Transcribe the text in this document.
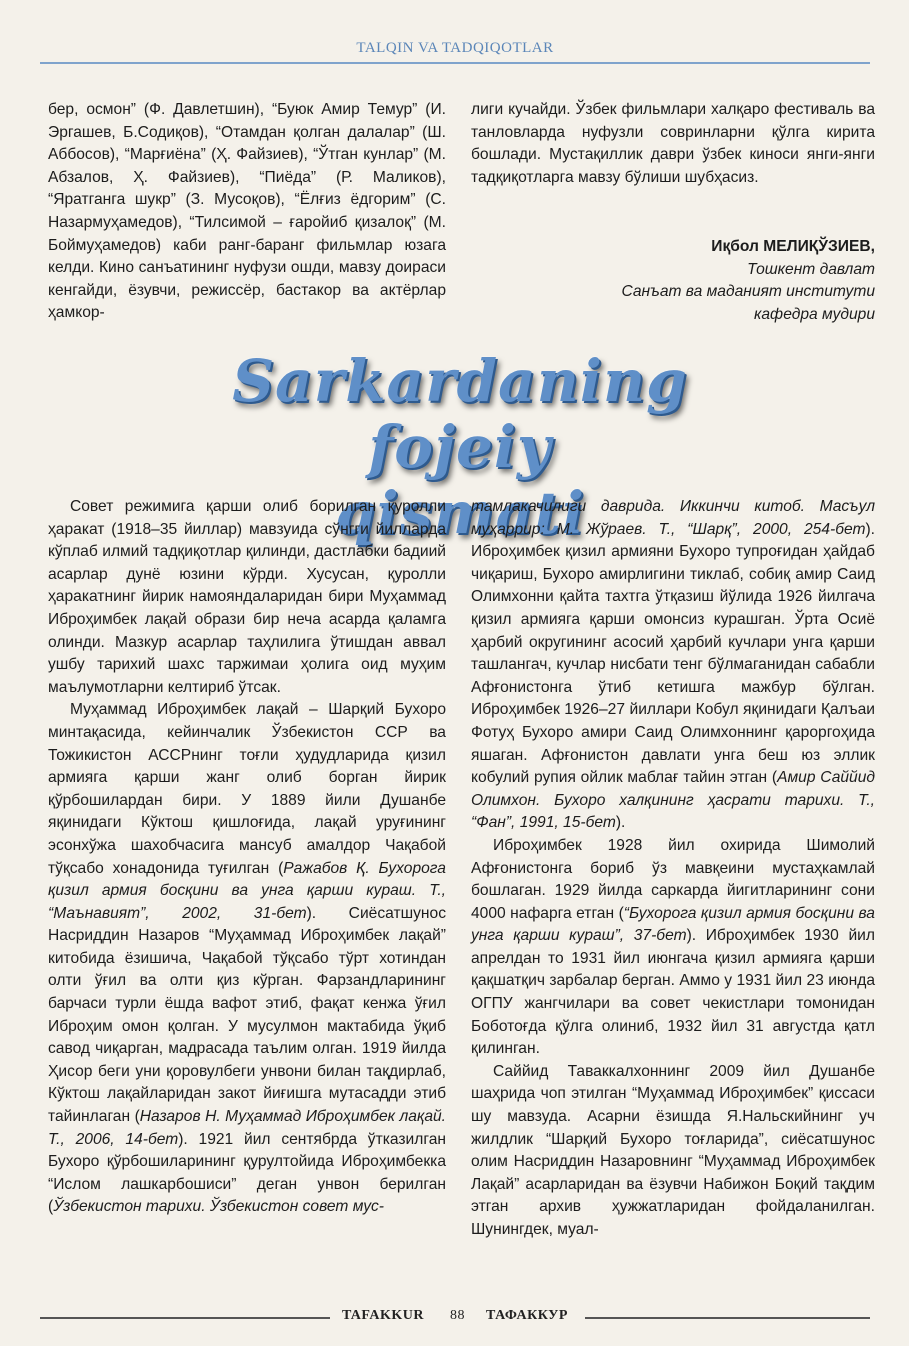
TALQIN VA TADQIQOTLAR

бер, осмон” (Ф. Давлетшин), “Буюк Амир Темур” (И. Эргашев, Б.Содиқов), “Отамдан қолган далалар” (Ш. Аббосов), “Марғиёна” (Ҳ. Файзиев), “Ўтган кунлар” (М. Абзалов, Ҳ. Файзиев), “Пиёда” (Р. Маликов), “Яратганга шукр” (З. Мусоқов), “Ёлғиз ёдгорим” (С. Назармуҳамедов), “Тилсимой – ғаройиб қизалоқ” (М. Боймуҳамедов) каби ранг-баранг фильмлар юзага келди. Кино санъатининг нуфузи ошди, мавзу доираси кенгайди, ёзувчи, режиссёр, бастакор ва актёрлар ҳамкор-

лиги кучайди. Ўзбек фильмлари халқаро фестиваль ва танловларда нуфузли совринларни қўлга кирита бошлади. Мустақиллик даври ўзбек киноси янги-янги тадқиқотларга мавзу бўлиши шубҳасиз.

Иқбол МЕЛИҚЎЗИЕВ,
Тошкент давлат
Санъат ва маданият институти
кафедра мудири
Sarkardaning fojeiy
qismati

Совет режимига қарши олиб борилган қуролли ҳаракат (1918–35 йиллар) мавзуида сўнгги йилларда кўплаб илмий тадқиқотлар қилинди, дастлабки бадиий асарлар дунё юзини кўрди. Хусусан, қуролли ҳаракатнинг йирик намояндаларидан бири Муҳаммад Иброҳимбек лақай образи бир неча асарда қаламга олинди. Мазкур асарлар таҳлилига ўтишдан аввал ушбу тарихий шахс таржимаи ҳолига оид муҳим маълумотларни келтириб ўтсак.

Муҳаммад Иброҳимбек лақай – Шарқий Бухоро минтақасида, кейинчалик Ўзбекистон ССР ва Тожикистон АССРнинг тоғли ҳудудларида қизил армияга қарши жанг олиб борган йирик қўрбошилардан бири. У 1889 йили Душанбе яқинидаги Кўктош қишлоғида, лақай уруғининг эсонхўжа шахобчасига мансуб амалдор Чақабой тўқсабо хонадонида туғилган (Ражабов Қ. Бухорога қизил армия босқини ва унга қарши кураш. Т., “Маънавият”, 2002, 31-бет). Сиёсатшунос Насриддин Назаров “Муҳаммад Иброҳимбек лақай” китобида ёзишича, Чақабой тўқсабо тўрт хотиндан олти ўғил ва олти қиз кўрган. Фарзандларининг барчаси турли ёшда вафот этиб, фақат кенжа ўғил Иброҳим омон қолган. У мусулмон мактабида ўқиб савод чиқарган, мадрасада таълим олган. 1919 йилда Ҳисор беги уни қоровулбеги унвони билан тақдирлаб, Кўктош лақайларидан закот йиғишга мутасадди этиб тайинлаган (Назаров Н. Муҳаммад Иброҳимбек лақай. Т., 2006, 14-бет). 1921 йил сентябрда ўтказилган Бухоро қўрбошиларининг қурултойида Иброҳимбекка “Ислом лашкарбошиси” деган унвон берилган (Ўзбекистон тарихи. Ўзбекистон совет мус-

тамлакачилиги даврида. Иккинчи китоб. Масъул муҳаррир: М. Жўраев. Т., “Шарқ”, 2000, 254-бет). Иброҳимбек қизил армияни Бухоро тупроғидан ҳайдаб чиқариш, Бухоро амирлигини тиклаб, собиқ амир Саид Олимхонни қайта тахтга ўтқазиш йўлида 1926 йилгача қизил армияга қарши омонсиз курашган. Ўрта Осиё ҳарбий округининг асосий ҳарбий кучлари унга қарши ташлангач, кучлар нисбати тенг бўлмаганидан сабабли Афғонистонга ўтиб кетишга мажбур бўлган. Иброҳимбек 1926–27 йиллари Кобул яқинидаги Қалъаи Фотуҳ Бухоро амири Саид Олимхоннинг қароргоҳида яшаган. Афғонистон давлати унга беш юз эллик кобулий рупия ойлик маблағ тайин этган (Амир Саййид Олимхон. Бухоро халқининг ҳасрати тарихи. Т., “Фан”, 1991, 15-бет).

Иброҳимбек 1928 йил охирида Шимолий Афғонистонга бориб ўз мавқеини мустаҳкамлай бошлаган. 1929 йилда саркарда йигитларининг сони 4000 нафарга етган (“Бухорога қизил армия босқини ва унга қарши кураш”, 37-бет). Иброҳимбек 1930 йил апрелдан то 1931 йил июнгача қизил армияга қарши қақшатқич зарбалар берган. Аммо у 1931 йил 23 июнда ОГПУ жангчилари ва совет чекистлари томонидан Боботоғда қўлга олиниб, 1932 йил 31 августда қатл қилинган.

Саййид Таваккалхоннинг 2009 йил Душанбе шаҳрида чоп этилган “Муҳаммад Иброҳимбек” қиссаси шу мавзуда. Асарни ёзишда Я.Нальскийнинг уч жилдлик “Шарқий Бухоро тоғларида”, сиёсатшунос олим Насриддин Назаровнинг “Муҳаммад Иброҳимбек Лақай” асарларидан ва ёзувчи Набижон Боқий тақдим этган архив ҳужжатларидан фойдаланилган. Шунингдек, муал-

TAFAKKUR 88 ТАФАККУР
